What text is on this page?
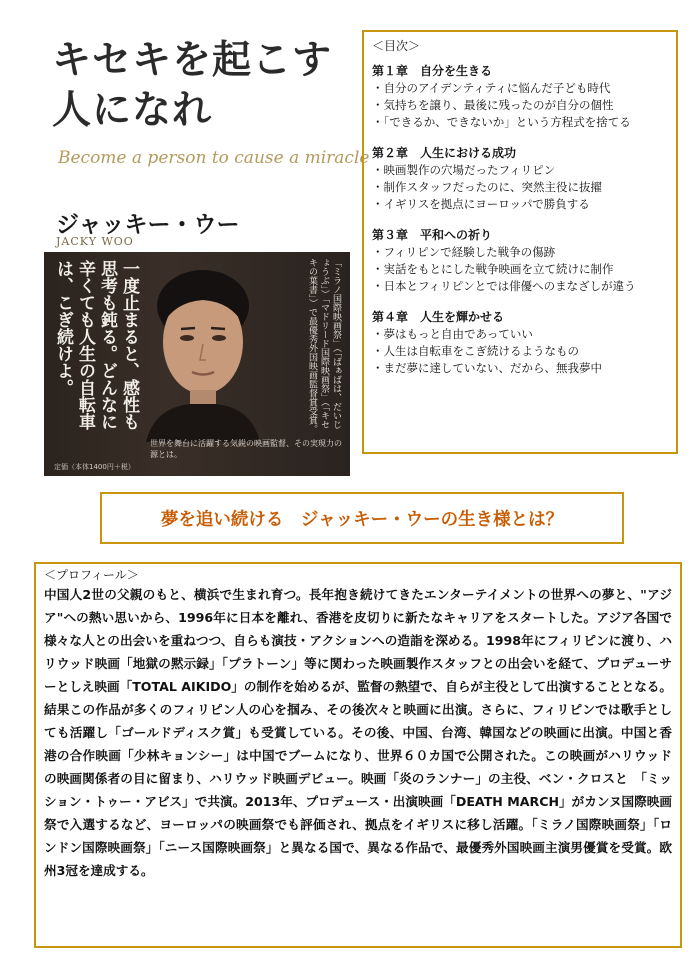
キセキを起こす
人になれ
Become a person to cause a miracle
ジャッキー・ウー
JACKY WOO
一度止まると、感性も思考も鈍る。どんなに辛くても人生の自転車は、こぎ続けよ。	「ミラノ国際映画祭」（「ばぁばは、だいじょうぶ」）「マドリード国際映画祭」（「キセキの葉書」）で最優秀外国映画監督賞受賞。
世界を舞台に活躍する気鋭の映画監督、その実現力の源とは。
定価（本体1400円＋税）

＜目次＞

第１章　自分を生きる

・自分のアイデンティティに悩んだ子ども時代
・気持ちを譲り、最後に残ったのが自分の個性
・「できるか、できないか」という方程式を捨てる

第２章　人生における成功

・映画製作の穴場だったフィリピン
・制作スタッフだったのに、突然主役に抜擢
・イギリスを拠点にヨーロッパで勝負する

第３章　平和への祈り

・フィリピンで経験した戦争の傷跡
・実話をもとにした戦争映画を立て続けに制作
・日本とフィリピンとでは俳優へのまなざしが違う

第４章　人生を輝かせる

・夢はもっと自由であっていい
・人生は自転車をこぎ続けるようなもの
・まだ夢に達していない、だから、無我夢中
夢を追い続ける　ジャッキー・ウーの生き様とは？

＜プロフィール＞

中国人2世の父親のもと、横浜で生まれ育つ。長年抱き続けてきたエンターテイメントの世界への夢と、"アジア"への熱い思いから、1996年に日本を離れ、香港を皮切りに新たなキャリアをスタートした。アジア各国で様々な人との出会いを重ねつつ、自らも演技・アクションへの造詣を深める。1998年にフィリピンに渡り、ハリウッド映画「地獄の黙示録」「プラトーン」等に関わった映画製作スタッフとの出会いを経て、プロデューサーとしえ映画「TOTAL AIKIDO」の制作を始めるが、監督の熱望で、自らが主役として出演することとなる。結果この作品が多くのフィリピン人の心を掴み、その後次々と映画に出演。さらに、フィリピンでは歌手としても活躍し「ゴールドディスク賞」も受賞している。その後、中国、台湾、韓国などの映画に出演。中国と香港の合作映画「少林キョンシー」は中国でブームになり、世界６０カ国で公開された。この映画がハリウッドの映画関係者の目に留まり、ハリウッド映画デビュー。映画「炎のランナー」の主役、ベン・クロスと　「ミッション・トゥー・アビス」で共演。2013年、プロデュース・出演映画「DEATH MARCH」がカンヌ国際映画祭で入選するなど、ヨーロッパの映画祭でも評価され、拠点をイギリスに移し活躍。「ミラノ国際映画祭」「ロンドン国際映画祭」「ニース国際映画祭」と異なる国で、異なる作品で、最優秀外国映画主演男優賞を受賞。欧州3冠を達成する。
